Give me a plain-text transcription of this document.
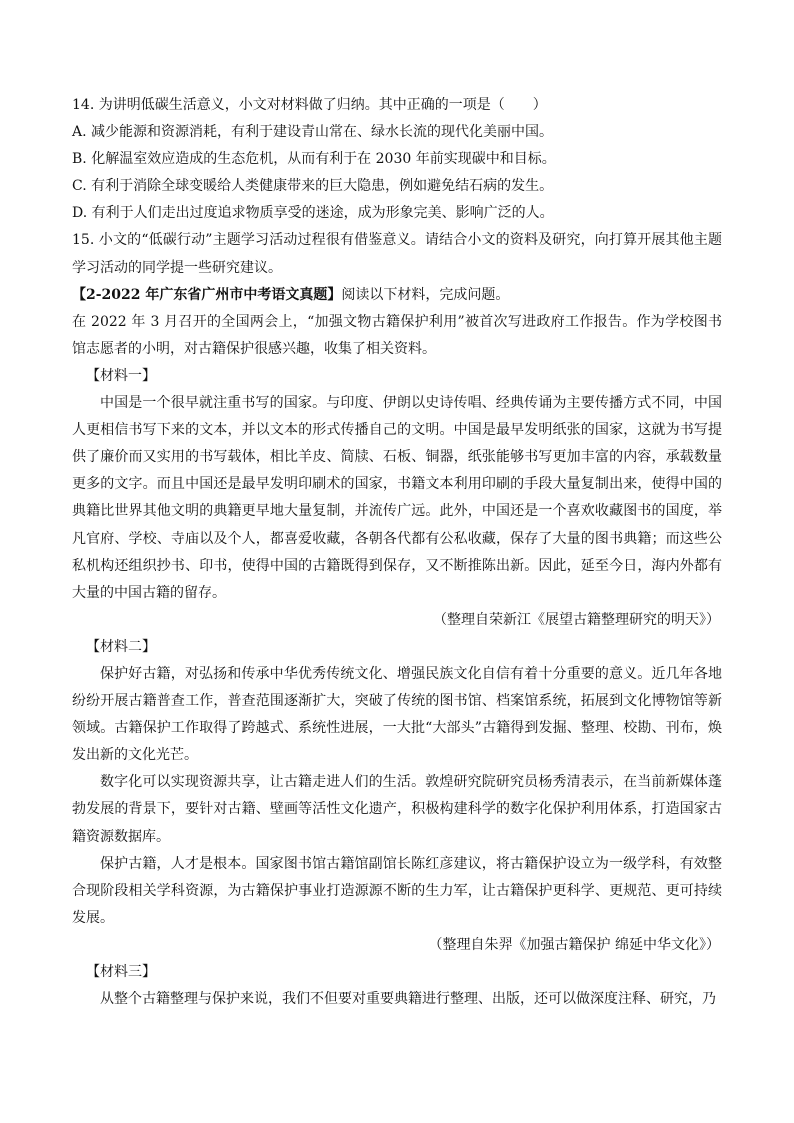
14. 为讲明低碳生活意义，小文对材料做了归纳。其中正确的一项是（　　）
A. 减少能源和资源消耗，有利于建设青山常在、绿水长流的现代化美丽中国。
B. 化解温室效应造成的生态危机，从而有利于在 2030 年前实现碳中和目标。
C. 有利于消除全球变暖给人类健康带来的巨大隐患，例如避免结石病的发生。
D. 有利于人们走出过度追求物质享受的迷途，成为形象完美、影响广泛的人。
15. 小文的“低碳行动”主题学习活动过程很有借鉴意义。请结合小文的资料及研究，向打算开展其他主题学习活动的同学提一些研究建议。
【2-2022 年广东省广州市中考语文真题】阅读以下材料，完成问题。
在 2022 年 3 月召开的全国两会上，“加强文物古籍保护利用”被首次写进政府工作报告。作为学校图书馆志愿者的小明，对古籍保护很感兴趣，收集了相关资料。
【材料一】
中国是一个很早就注重书写的国家。与印度、伊朗以史诗传唱、经典传诵为主要传播方式不同，中国人更相信书写下来的文本，并以文本的形式传播自己的文明。中国是最早发明纸张的国家，这就为书写提供了廉价而又实用的书写载体，相比羊皮、简牍、石板、铜器，纸张能够书写更加丰富的内容，承载数量更多的文字。而且中国还是最早发明印刷术的国家，书籍文本利用印刷的手段大量复制出来，使得中国的典籍比世界其他文明的典籍更早地大量复制，并流传广远。此外，中国还是一个喜欢收藏图书的国度，举凡官府、学校、寺庙以及个人，都喜爱收藏，各朝各代都有公私收藏，保存了大量的图书典籍；而这些公私机构还组织抄书、印书，使得中国的古籍既得到保存，又不断推陈出新。因此，延至今日，海内外都有大量的中国古籍的留存。
（整理自荣新江《展望古籍整理研究的明天》）
【材料二】
保护好古籍，对弘扬和传承中华优秀传统文化、增强民族文化自信有着十分重要的意义。近几年各地纷纷开展古籍普查工作，普查范围逐渐扩大，突破了传统的图书馆、档案馆系统，拓展到文化博物馆等新领域。古籍保护工作取得了跨越式、系统性进展，一大批“大部头”古籍得到发掘、整理、校勘、刊布，焕发出新的文化光芒。
数字化可以实现资源共享，让古籍走进人们的生活。敦煌研究院研究员杨秀清表示，在当前新媒体蓬勃发展的背景下，要针对古籍、壁画等活性文化遗产，积极构建科学的数字化保护利用体系，打造国家古籍资源数据库。
保护古籍，人才是根本。国家图书馆古籍馆副馆长陈红彦建议，将古籍保护设立为一级学科，有效整合现阶段相关学科资源，为古籍保护事业打造源源不断的生力军，让古籍保护更科学、更规范、更可持续发展。
（整理自朱羿《加强古籍保护 绵延中华文化》）
【材料三】
从整个古籍整理与保护来说，我们不但要对重要典籍进行整理、出版，还可以做深度注释、研究，乃
